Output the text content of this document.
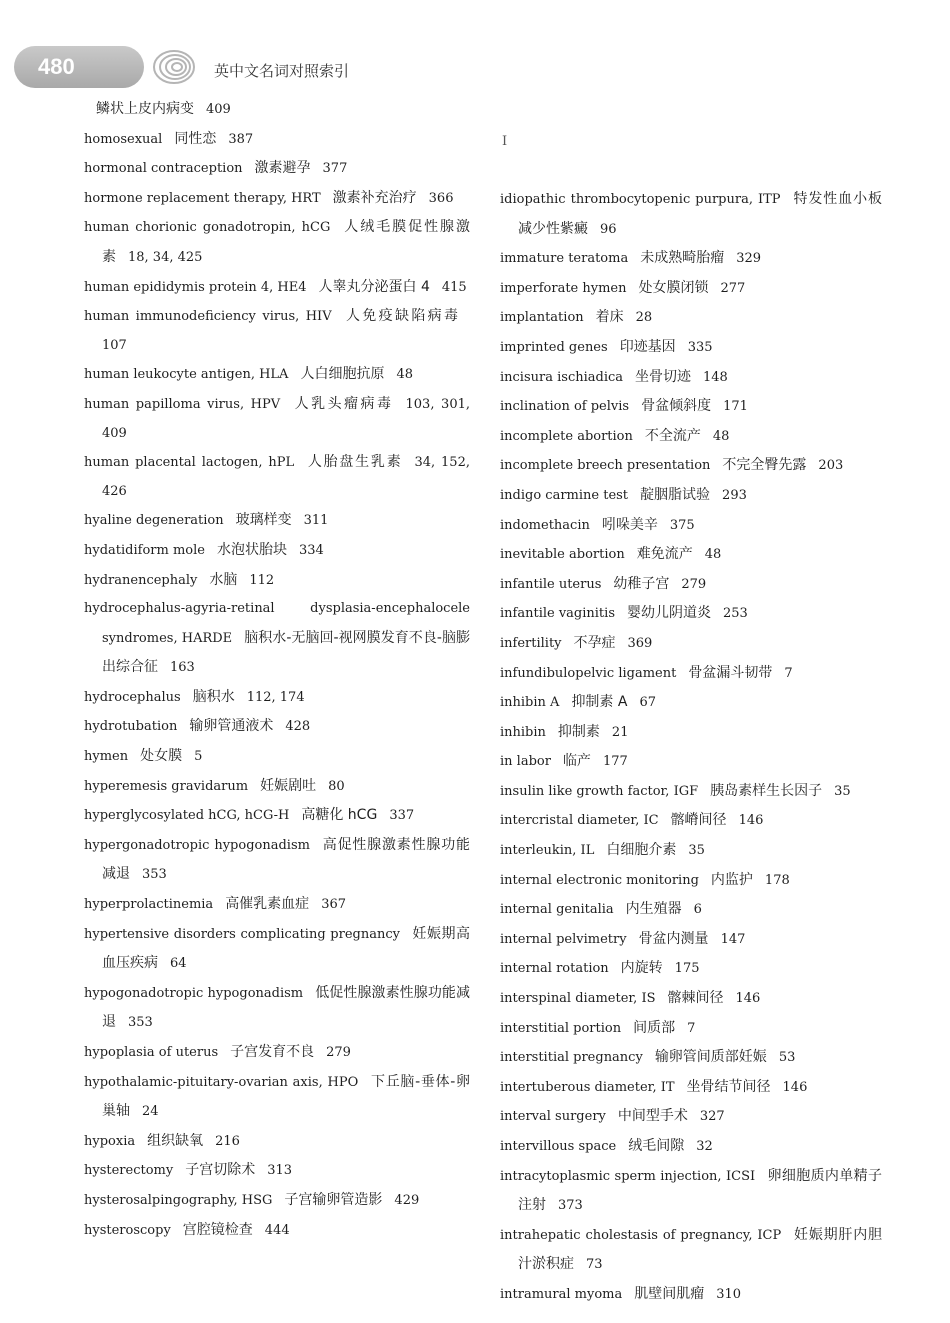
480	英中文名词对照索引
鳞状上皮内病变 409
homosexual 同性恋 387
hormonal contraception 激素避孕 377
hormone replacement therapy, HRT 激素补充治疗 366
human chorionic gonadotropin, hCG 人绒毛膜促性腺激素 18, 34, 425
human epididymis protein 4, HE4 人睾丸分泌蛋白 4 415
human immunodeficiency virus, HIV 人免疫缺陷病毒107
human leukocyte antigen, HLA 人白细胞抗原 48
human papilloma virus, HPV 人乳头瘤病毒 103, 301, 409
human placental lactogen, hPL 人胎盘生乳素 34, 152, 426
hyaline degeneration 玻璃样变 311
hydatidiform mole 水泡状胎块 334
hydranencephaly 水脑 112
hydrocephalus-agyria-retinal dysplasia-encephalocele syndromes, HARDE 脑积水-无脑回-视网膜发育不良-脑膨出综合征 163
hydrocephalus 脑积水 112, 174
hydrotubation 输卵管通液术 428
hymen 处女膜 5
hyperemesis gravidarum 妊娠剧吐 80
hyperglycosylated hCG, hCG-H 高糖化 hCG 337
hypergonadotropic hypogonadism 高促性腺激素性腺功能减退 353
hyperprolactinemia 高催乳素血症 367
hypertensive disorders complicating pregnancy 妊娠期高血压疾病 64
hypogonadotropic hypogonadism 低促性腺激素性腺功能减退 353
hypoplasia of uterus 子宫发育不良 279
hypothalamic-pituitary-ovarian axis, HPO 下丘脑-垂体-卵巢轴 24
hypoxia 组织缺氧 216
hysterectomy 子宫切除术 313
hysterosalpingography, HSG 子宫输卵管造影 429
hysteroscopy 宫腔镜检查 444
I
idiopathic thrombocytopenic purpura, ITP 特发性血小板减少性紫癜 96
immature teratoma 未成熟畸胎瘤 329
imperforate hymen 处女膜闭锁 277
implantation 着床 28
imprinted genes 印迹基因 335
incisura ischiadica 坐骨切迹 148
inclination of pelvis 骨盆倾斜度 171
incomplete abortion 不全流产 48
incomplete breech presentation 不完全臀先露 203
indigo carmine test 靛胭脂试验 293
indomethacin 吲哚美辛 375
inevitable abortion 难免流产 48
infantile uterus 幼稚子宫 279
infantile vaginitis 婴幼儿阴道炎 253
infertility 不孕症 369
infundibulopelvic ligament 骨盆漏斗韧带 7
inhibin A 抑制素 A 67
inhibin 抑制素 21
in labor 临产 177
insulin like growth factor, IGF 胰岛素样生长因子 35
intercristal diameter, IC 髂嵴间径 146
interleukin, IL 白细胞介素 35
internal electronic monitoring 内监护 178
internal genitalia 内生殖器 6
internal pelvimetry 骨盆内测量 147
internal rotation 内旋转 175
interspinal diameter, IS 髂棘间径 146
interstitial portion 间质部 7
interstitial pregnancy 输卵管间质部妊娠 53
intertuberous diameter, IT 坐骨结节间径 146
interval surgery 中间型手术 327
intervillous space 绒毛间隙 32
intracytoplasmic sperm injection, ICSI 卵细胞质内单精子注射 373
intrahepatic cholestasis of pregnancy, ICP 妊娠期肝内胆汁淤积症 73
intramural myoma 肌壁间肌瘤 310
